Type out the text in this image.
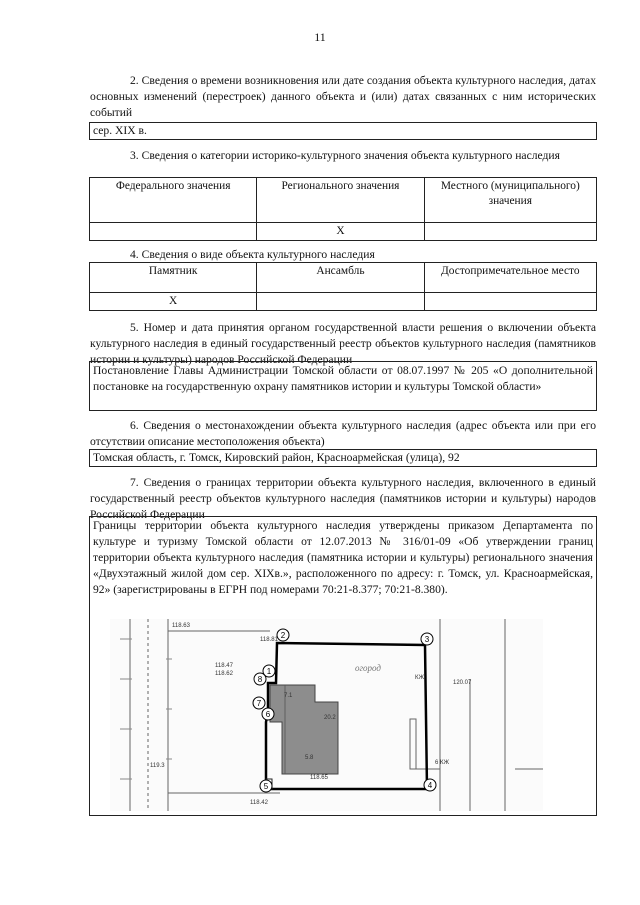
11
2. Сведения о времени возникновения или дате создания объекта культурного наследия, датах основных изменений (перестроек) данного объекта и (или) датах связанных с ним исторических событий
сер. XIX в.
3. Сведения о категории историко-культурного значения объекта культурного наследия
Федерального значения	Регионального значения	Местного (муниципального) значения
	X	
4. Сведения о виде объекта культурного наследия
Памятник	Ансамбль	Достопримечательное место
X		
5. Номер и дата принятия органом государственной власти решения о включении объекта культурного наследия в единый государственный реестр объектов культурного наследия (памятников истории и культуры) народов Российской Федерации
Постановление Главы Администрации Томской области от 08.07.1997 № 205 «О дополнительной постановке на государственную охрану памятников истории и культуры Томской области»
6. Сведения о местонахождении объекта культурного наследия (адрес объекта или при его отсутствии описание местоположения объекта)
Томская область, г. Томск, Кировский район, Красноармейская (улица), 92
7. Сведения о границах территории объекта культурного наследия, включенного в единый государственный реестр объектов культурного наследия (памятников истории и культуры) народов Российской Федерации
Границы территории объекта культурного наследия утверждены приказом Департамента по культуре и туризму Томской области от 12.07.2013 № 316/01-09 «Об утверждении границ территории объекта культурного наследия (памятника истории и культуры) регионального значения «Двухэтажный жилой дом сер. XIXв.», расположенного по адресу: г. Томск, ул. Красноармейская, 92» (зарегистрированы в ЕГРН под номерами 70:21-8.377; 70:21-8.380).
118.63
118.47
118.62
118.81
120.07
118.65
118.42
119.3
20.2
5.8
7.1
6 КЖ
КЖ
огород
1
2	3
4
5
6
7
8
